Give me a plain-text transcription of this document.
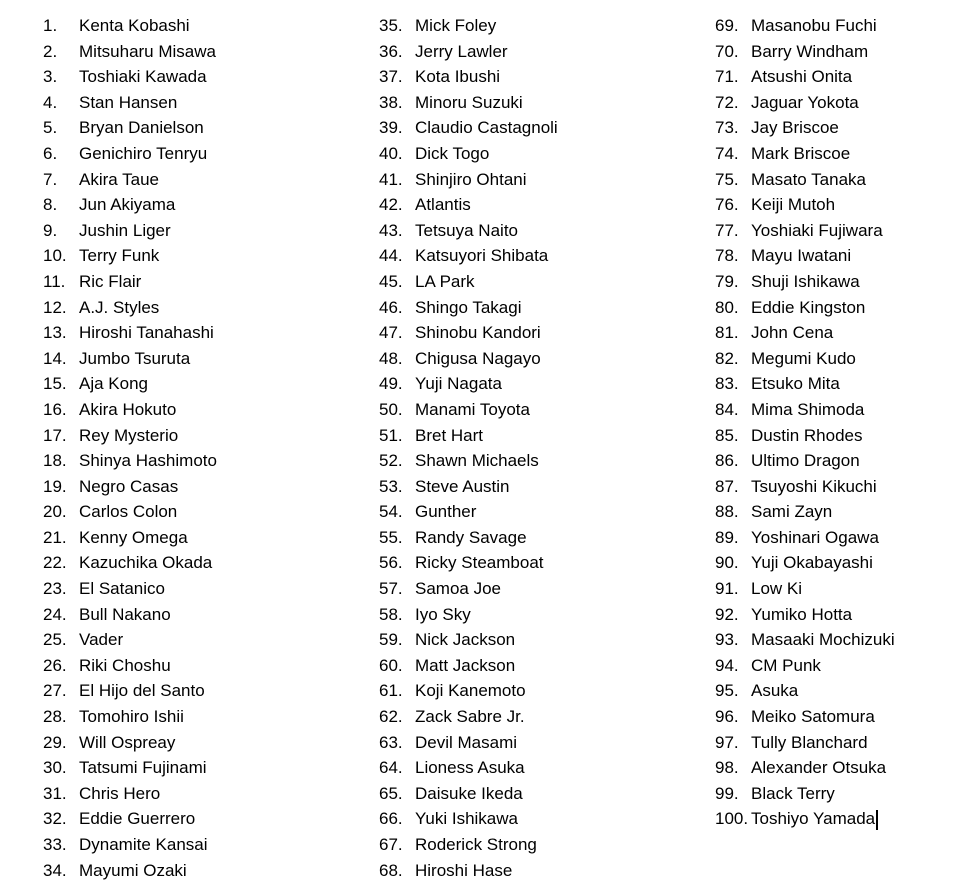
1. Kenta Kobashi
2. Mitsuharu Misawa
3. Toshiaki Kawada
4. Stan Hansen
5. Bryan Danielson
6. Genichiro Tenryu
7. Akira Taue
8. Jun Akiyama
9. Jushin Liger
10. Terry Funk
11. Ric Flair
12. A.J. Styles
13. Hiroshi Tanahashi
14. Jumbo Tsuruta
15. Aja Kong
16. Akira Hokuto
17. Rey Mysterio
18. Shinya Hashimoto
19. Negro Casas
20. Carlos Colon
21. Kenny Omega
22. Kazuchika Okada
23. El Satanico
24. Bull Nakano
25. Vader
26. Riki Choshu
27. El Hijo del Santo
28. Tomohiro Ishii
29. Will Ospreay
30. Tatsumi Fujinami
31. Chris Hero
32. Eddie Guerrero
33. Dynamite Kansai
34. Mayumi Ozaki
35. Mick Foley
36. Jerry Lawler
37. Kota Ibushi
38. Minoru Suzuki
39. Claudio Castagnoli
40. Dick Togo
41. Shinjiro Ohtani
42. Atlantis
43. Tetsuya Naito
44. Katsuyori Shibata
45. LA Park
46. Shingo Takagi
47. Shinobu Kandori
48. Chigusa Nagayo
49. Yuji Nagata
50. Manami Toyota
51. Bret Hart
52. Shawn Michaels
53. Steve Austin
54. Gunther
55. Randy Savage
56. Ricky Steamboat
57. Samoa Joe
58. Iyo Sky
59. Nick Jackson
60. Matt Jackson
61. Koji Kanemoto
62. Zack Sabre Jr.
63. Devil Masami
64. Lioness Asuka
65. Daisuke Ikeda
66. Yuki Ishikawa
67. Roderick Strong
68. Hiroshi Hase
69. Masanobu Fuchi
70. Barry Windham
71. Atsushi Onita
72. Jaguar Yokota
73. Jay Briscoe
74. Mark Briscoe
75. Masato Tanaka
76. Keiji Mutoh
77. Yoshiaki Fujiwara
78. Mayu Iwatani
79. Shuji Ishikawa
80. Eddie Kingston
81. John Cena
82. Megumi Kudo
83. Etsuko Mita
84. Mima Shimoda
85. Dustin Rhodes
86. Ultimo Dragon
87. Tsuyoshi Kikuchi
88. Sami Zayn
89. Yoshinari Ogawa
90. Yuji Okabayashi
91. Low Ki
92. Yumiko Hotta
93. Masaaki Mochizuki
94. CM Punk
95. Asuka
96. Meiko Satomura
97. Tully Blanchard
98. Alexander Otsuka
99. Black Terry
100. Toshiyo Yamada
